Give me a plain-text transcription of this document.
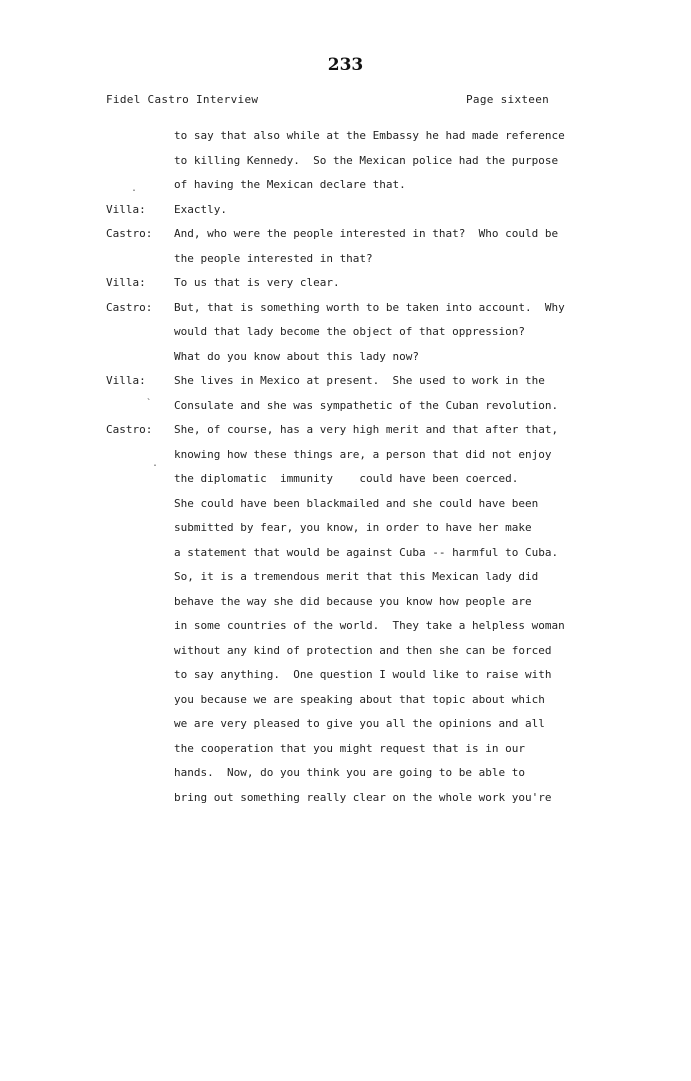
233
Fidel Castro Interview	Page sixteen
to say that also while at the Embassy he had made reference
to killing Kennedy.  So the Mexican police had the purpose
of having the Mexican declare that.
Villa:	Exactly.
Castro: And, who were the people interested in that?  Who could be
the people interested in that?
Villa:	To us that is very clear.
Castro: But, that is something worth to be taken into account.  Why
would that lady become the object of that oppression?
What do you know about this lady now?
Villa:	She lives in Mexico at present.  She used to work in the
Consulate and she was sympathetic of the Cuban revolution.
Castro: She, of course, has a very high merit and that after that,
knowing how these things are, a person that did not enjoy
the diplomatic  immunity    could have been coerced.
She could have been blackmailed and she could have been
submitted by fear, you know, in order to have her make
a statement that would be against Cuba -- harmful to Cuba.
So, it is a tremendous merit that this Mexican lady did
behave the way she did because you know how people are
in some countries of the world.  They take a helpless woman
without any kind of protection and then she can be forced
to say anything.  One question I would like to raise with
you because we are speaking about that topic about which
we are very pleased to give you all the opinions and all
the cooperation that you might request that is in our
hands.  Now, do you think you are going to be able to
bring out something really clear on the whole work you're
.
`
.
